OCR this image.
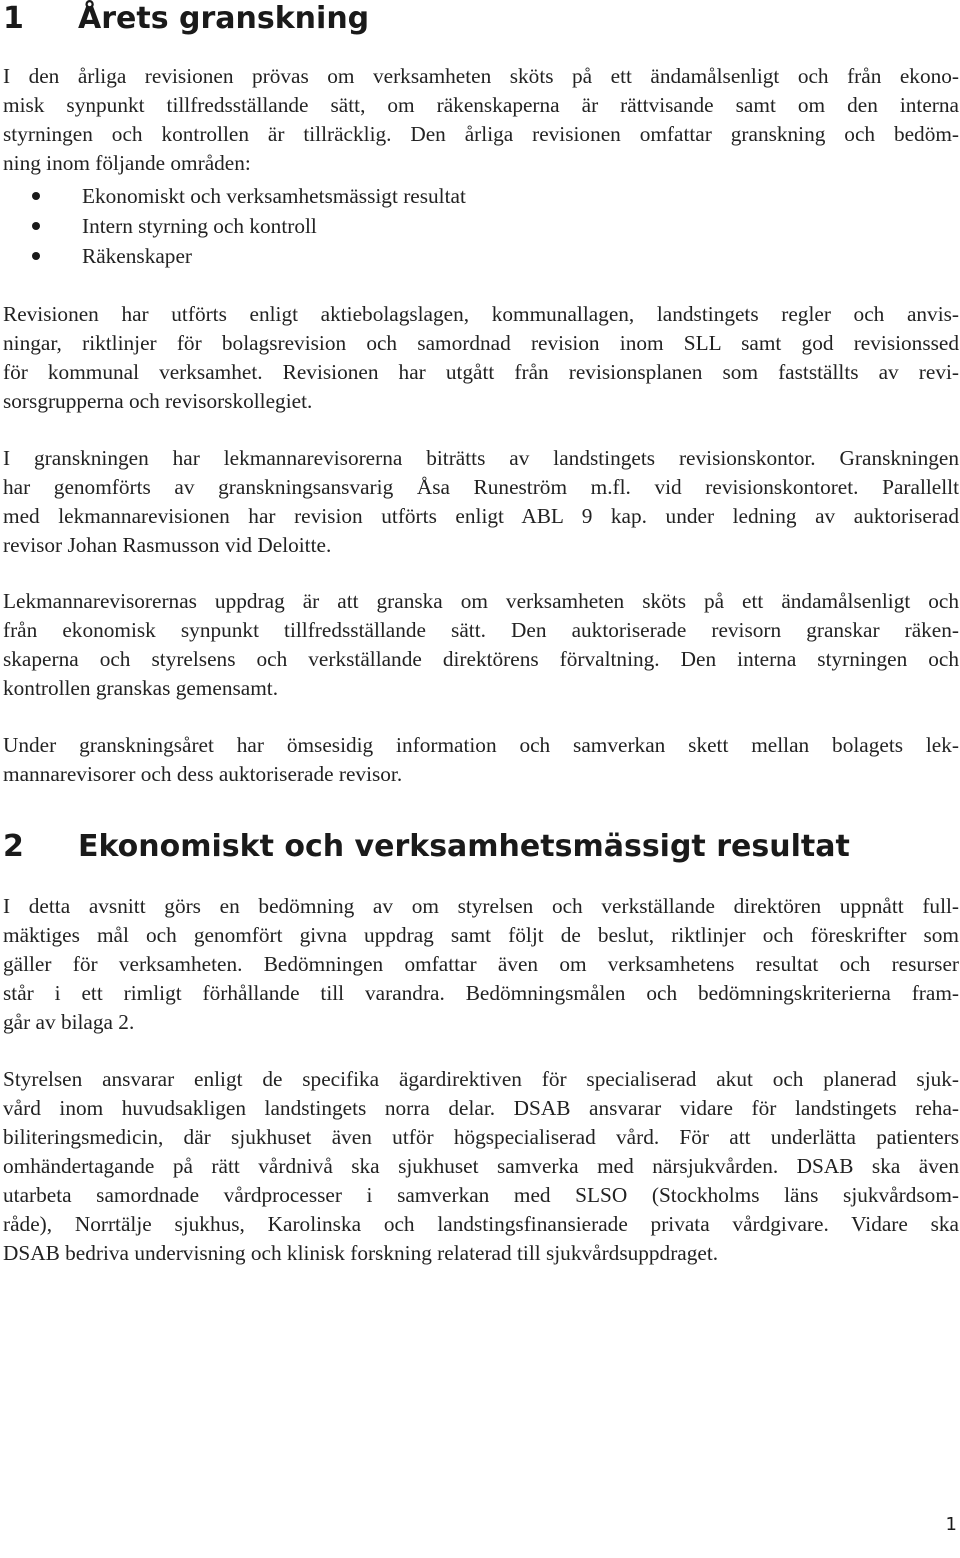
1 Årets granskning

I den årliga revisionen prövas om verksamheten sköts på ett ändamålsenligt och från ekono-
misk synpunkt tillfredsställande sätt, om räkenskaperna är rättvisande samt om den interna
styrningen och kontrollen är tillräcklig. Den årliga revisionen omfattar granskning och bedöm-
ning inom följande områden:

Ekonomiskt och verksamhetsmässigt resultat
Intern styrning och kontroll
Räkenskaper

Revisionen har utförts enligt aktiebolagslagen, kommunallagen, landstingets regler och anvis-
ningar, riktlinjer för bolagsrevision och samordnad revision inom SLL samt god revisionssed
för kommunal verksamhet. Revisionen har utgått från revisionsplanen som fastställts av revi-
sorsgrupperna och revisorskollegiet.

I granskningen har lekmannarevisorerna biträtts av landstingets revisionskontor. Granskningen
har genomförts av granskningsansvarig Åsa Runeström m.fl. vid revisionskontoret. Parallellt
med lekmannarevisionen har revision utförts enligt ABL 9 kap. under ledning av auktoriserad
revisor Johan Rasmusson vid Deloitte.

Lekmannarevisorernas uppdrag är att granska om verksamheten sköts på ett ändamålsenligt och
från ekonomisk synpunkt tillfredsställande sätt. Den auktoriserade revisorn granskar räken-
skaperna och styrelsens och verkställande direktörens förvaltning. Den interna styrningen och
kontrollen granskas gemensamt.

Under granskningsåret har ömsesidig information och samverkan skett mellan bolagets lek-
mannarevisorer och dess auktoriserade revisor.

2 Ekonomiskt och verksamhetsmässigt resultat

I detta avsnitt görs en bedömning av om styrelsen och verkställande direktören uppnått full-
mäktiges mål och genomfört givna uppdrag samt följt de beslut, riktlinjer och föreskrifter som
gäller för verksamheten. Bedömningen omfattar även om verksamhetens resultat och resurser
står i ett rimligt förhållande till varandra. Bedömningsmålen och bedömningskriterierna fram-
går av bilaga 2.

Styrelsen ansvarar enligt de specifika ägardirektiven för specialiserad akut och planerad sjuk-
vård inom huvudsakligen landstingets norra delar. DSAB ansvarar vidare för landstingets reha-
biliteringsmedicin, där sjukhuset även utför högspecialiserad vård. För att underlätta patienters
omhändertagande på rätt vårdnivå ska sjukhuset samverka med närsjukvården. DSAB ska även
utarbeta samordnade vårdprocesser i samverkan med SLSO (Stockholms läns sjukvårdsom-
råde), Norrtälje sjukhus, Karolinska och landstingsfinansierade privata vårdgivare. Vidare ska
DSAB bedriva undervisning och klinisk forskning relaterad till sjukvårdsuppdraget.

1
